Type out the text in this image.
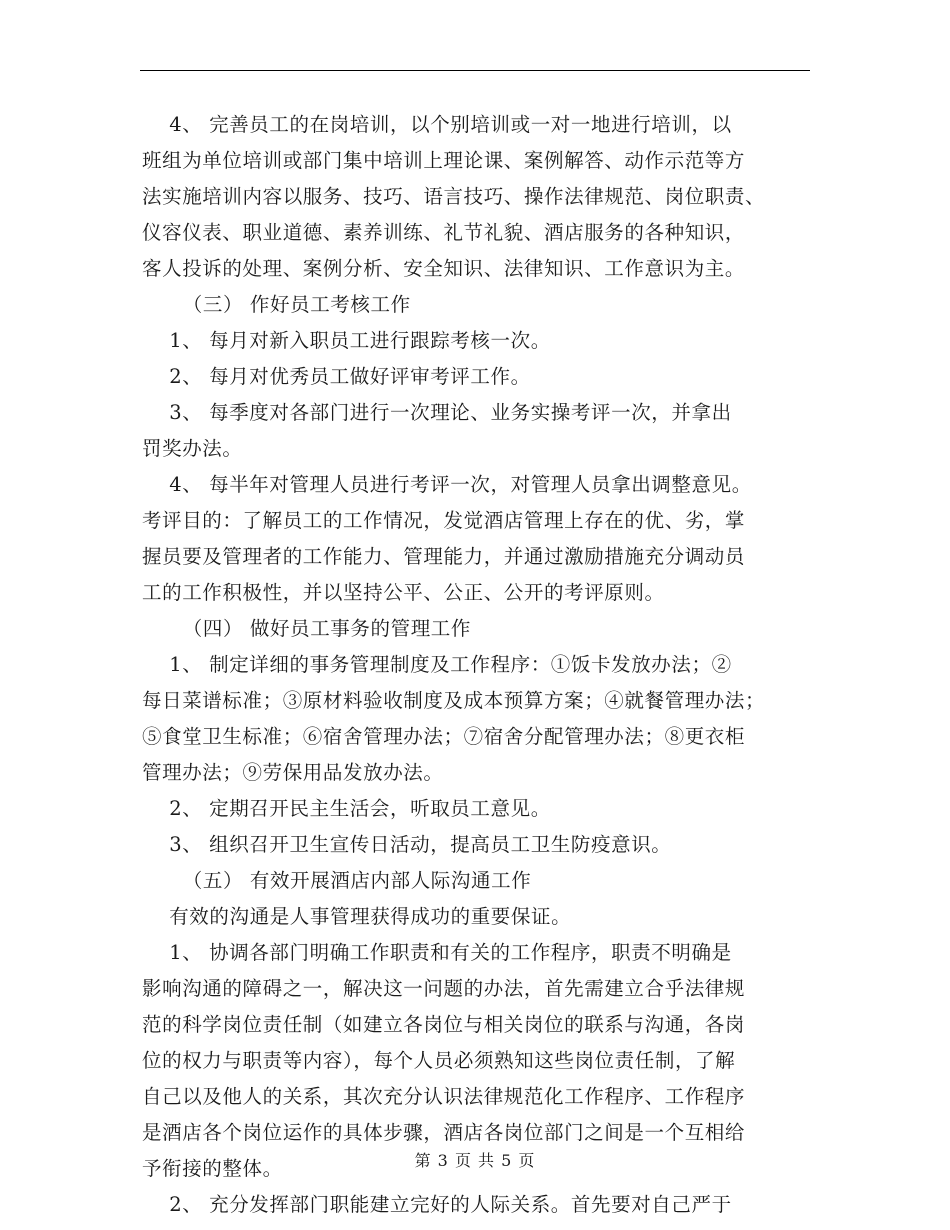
4、 完善员工的在岗培训，以个别培训或一对一地进行培训，以
班组为单位培训或部门集中培训上理论课、案例解答、动作示范等方
法实施培训内容以服务、技巧、语言技巧、操作法律规范、岗位职责、
仪容仪表、职业道德、素养训练、礼节礼貌、酒店服务的各种知识，
客人投诉的处理、案例分析、安全知识、法律知识、工作意识为主。
（三） 作好员工考核工作
1、 每月对新入职员工进行跟踪考核一次。
2、 每月对优秀员工做好评审考评工作。
3、 每季度对各部门进行一次理论、业务实操考评一次，并拿出
罚奖办法。
4、 每半年对管理人员进行考评一次，对管理人员拿出调整意见。
考评目的：了解员工的工作情况，发觉酒店管理上存在的优、劣，掌
握员要及管理者的工作能力、管理能力，并通过激励措施充分调动员
工的工作积极性，并以坚持公平、公正、公开的考评原则。
（四） 做好员工事务的管理工作
1、 制定详细的事务管理制度及工作程序：①饭卡发放办法；②
每日菜谱标准；③原材料验收制度及成本预算方案；④就餐管理办法；
⑤食堂卫生标准；⑥宿舍管理办法；⑦宿舍分配管理办法；⑧更衣柜
管理办法；⑨劳保用品发放办法。
2、 定期召开民主生活会，听取员工意见。
3、 组织召开卫生宣传日活动，提高员工卫生防疫意识。
（五） 有效开展酒店内部人际沟通工作
有效的沟通是人事管理获得成功的重要保证。
1、 协调各部门明确工作职责和有关的工作程序，职责不明确是
影响沟通的障碍之一，解决这一问题的办法，首先需建立合乎法律规
范的科学岗位责任制（如建立各岗位与相关岗位的联系与沟通，各岗
位的权力与职责等内容），每个人员必须熟知这些岗位责任制，了解
自己以及他人的关系，其次充分认识法律规范化工作程序、工作程序
是酒店各个岗位运作的具体步骤，酒店各岗位部门之间是一个互相给
予衔接的整体。
2、 充分发挥部门职能建立完好的人际关系。首先要对自己严于
第 3 页 共 5 页
